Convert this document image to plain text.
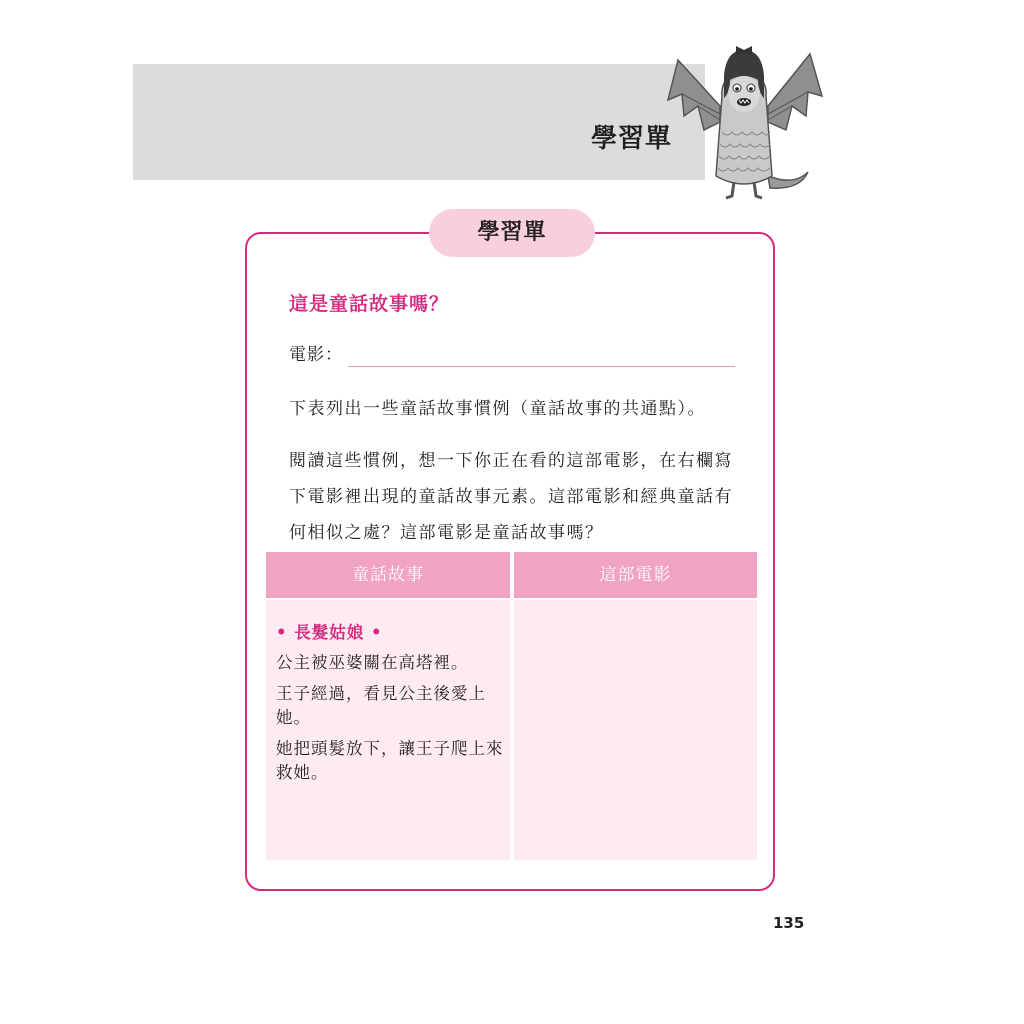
學習單
學習單
這是童話故事嗎？
電影：

下表列出一些童話故事慣例（童話故事的共通點）。

閱讀這些慣例，想一下你正在看的這部電影，在右欄寫下電影裡出現的童話故事元素。這部電影和經典童話有何相似之處？這部電影是童話故事嗎？

童話故事	這部電影

• 長髮姑娘 •

公主被巫婆關在高塔裡。

王子經過，看見公主後愛上她。

她把頭髮放下，讓王子爬上來救她。

135
